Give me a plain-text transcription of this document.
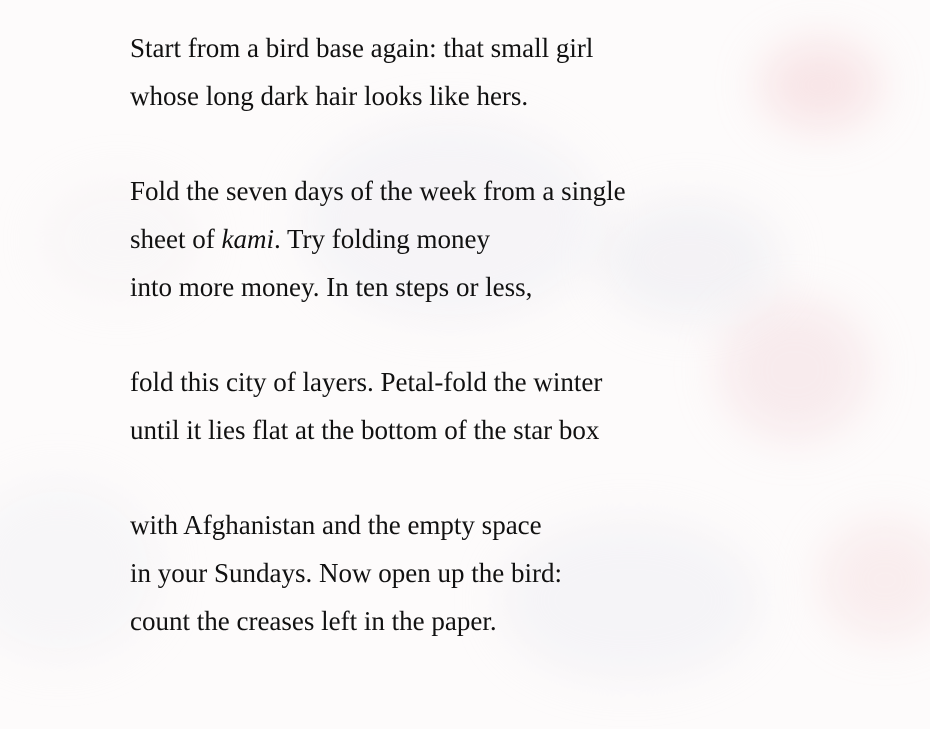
Start from a bird base again: that small girl
whose long dark hair looks like hers.
Fold the seven days of the week from a single
sheet of kami. Try folding money
into more money. In ten steps or less,
fold this city of layers. Petal-fold the winter
until it lies flat at the bottom of the star box
with Afghanistan and the empty space
in your Sundays. Now open up the bird:
count the creases left in the paper.
